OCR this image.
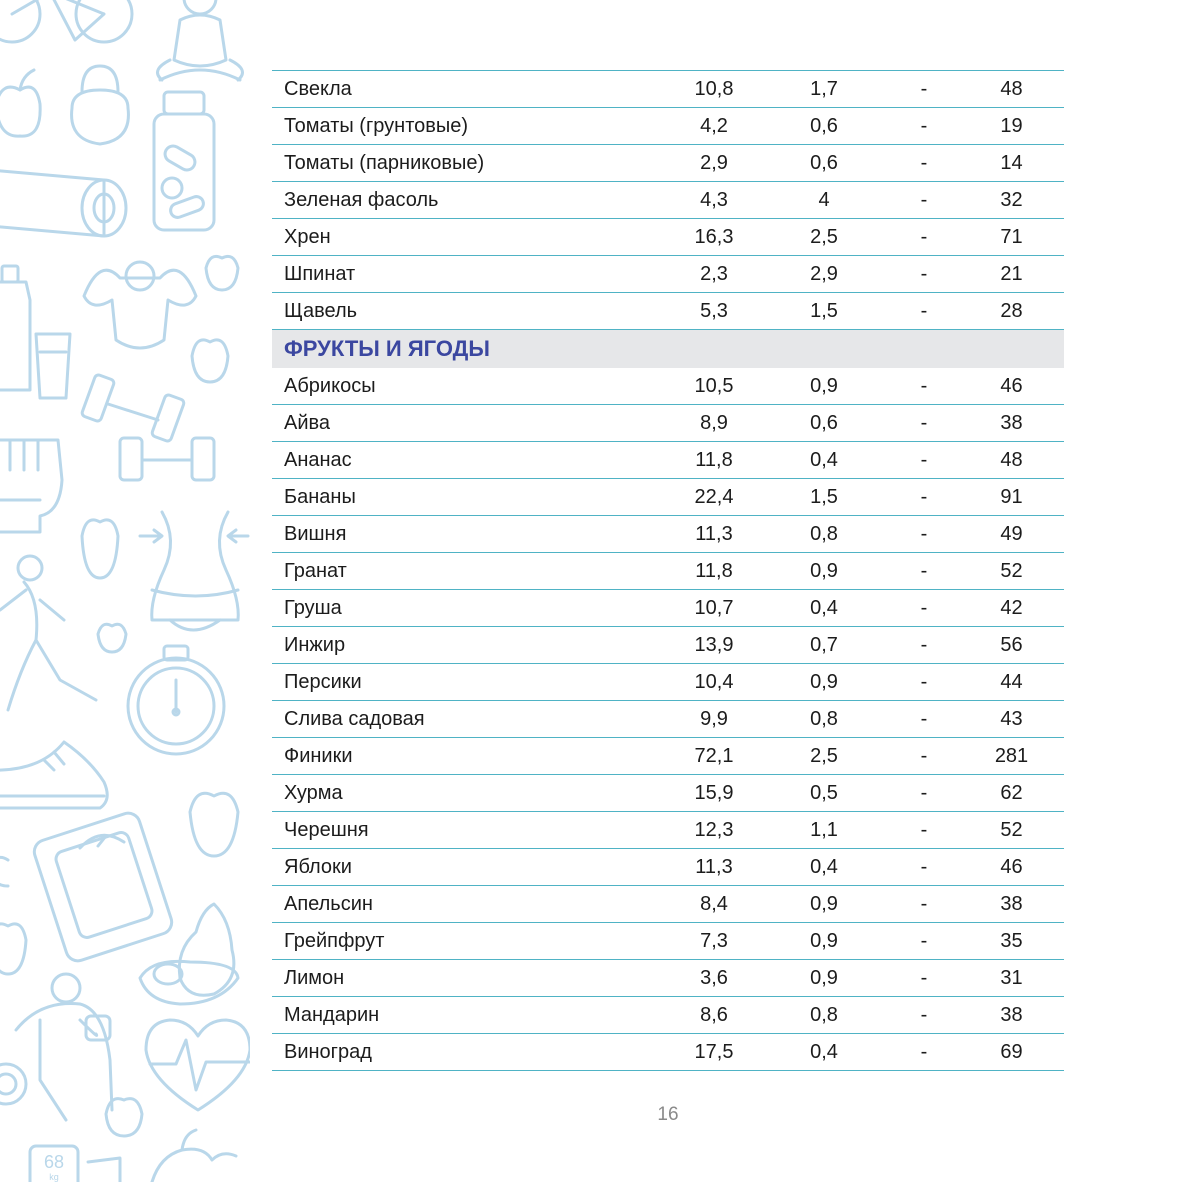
68
kg
Свекла	10,8	1,7	-	48
Томаты (грунтовые)	4,2	0,6	-	19
Томаты (парниковые)	2,9	0,6	-	14
Зеленая фасоль	4,3	4	-	32
Хрен	16,3	2,5	-	71
Шпинат	2,3	2,9	-	21
Щавель	5,3	1,5	-	28
ФРУКТЫ И ЯГОДЫ				
Абрикосы	10,5	0,9	-	46
Айва	8,9	0,6	-	38
Ананас	11,8	0,4	-	48
Бананы	22,4	1,5	-	91
Вишня	11,3	0,8	-	49
Гранат	11,8	0,9	-	52
Груша	10,7	0,4	-	42
Инжир	13,9	0,7	-	56
Персики	10,4	0,9	-	44
Слива садовая	9,9	0,8	-	43
Финики	72,1	2,5	-	281
Хурма	15,9	0,5	-	62
Черешня	12,3	1,1	-	52
Яблоки	11,3	0,4	-	46
Апельсин	8,4	0,9	-	38
Грейпфрут	7,3	0,9	-	35
Лимон	3,6	0,9	-	31
Мандарин	8,6	0,8	-	38
Виноград	17,5	0,4	-	69
16
